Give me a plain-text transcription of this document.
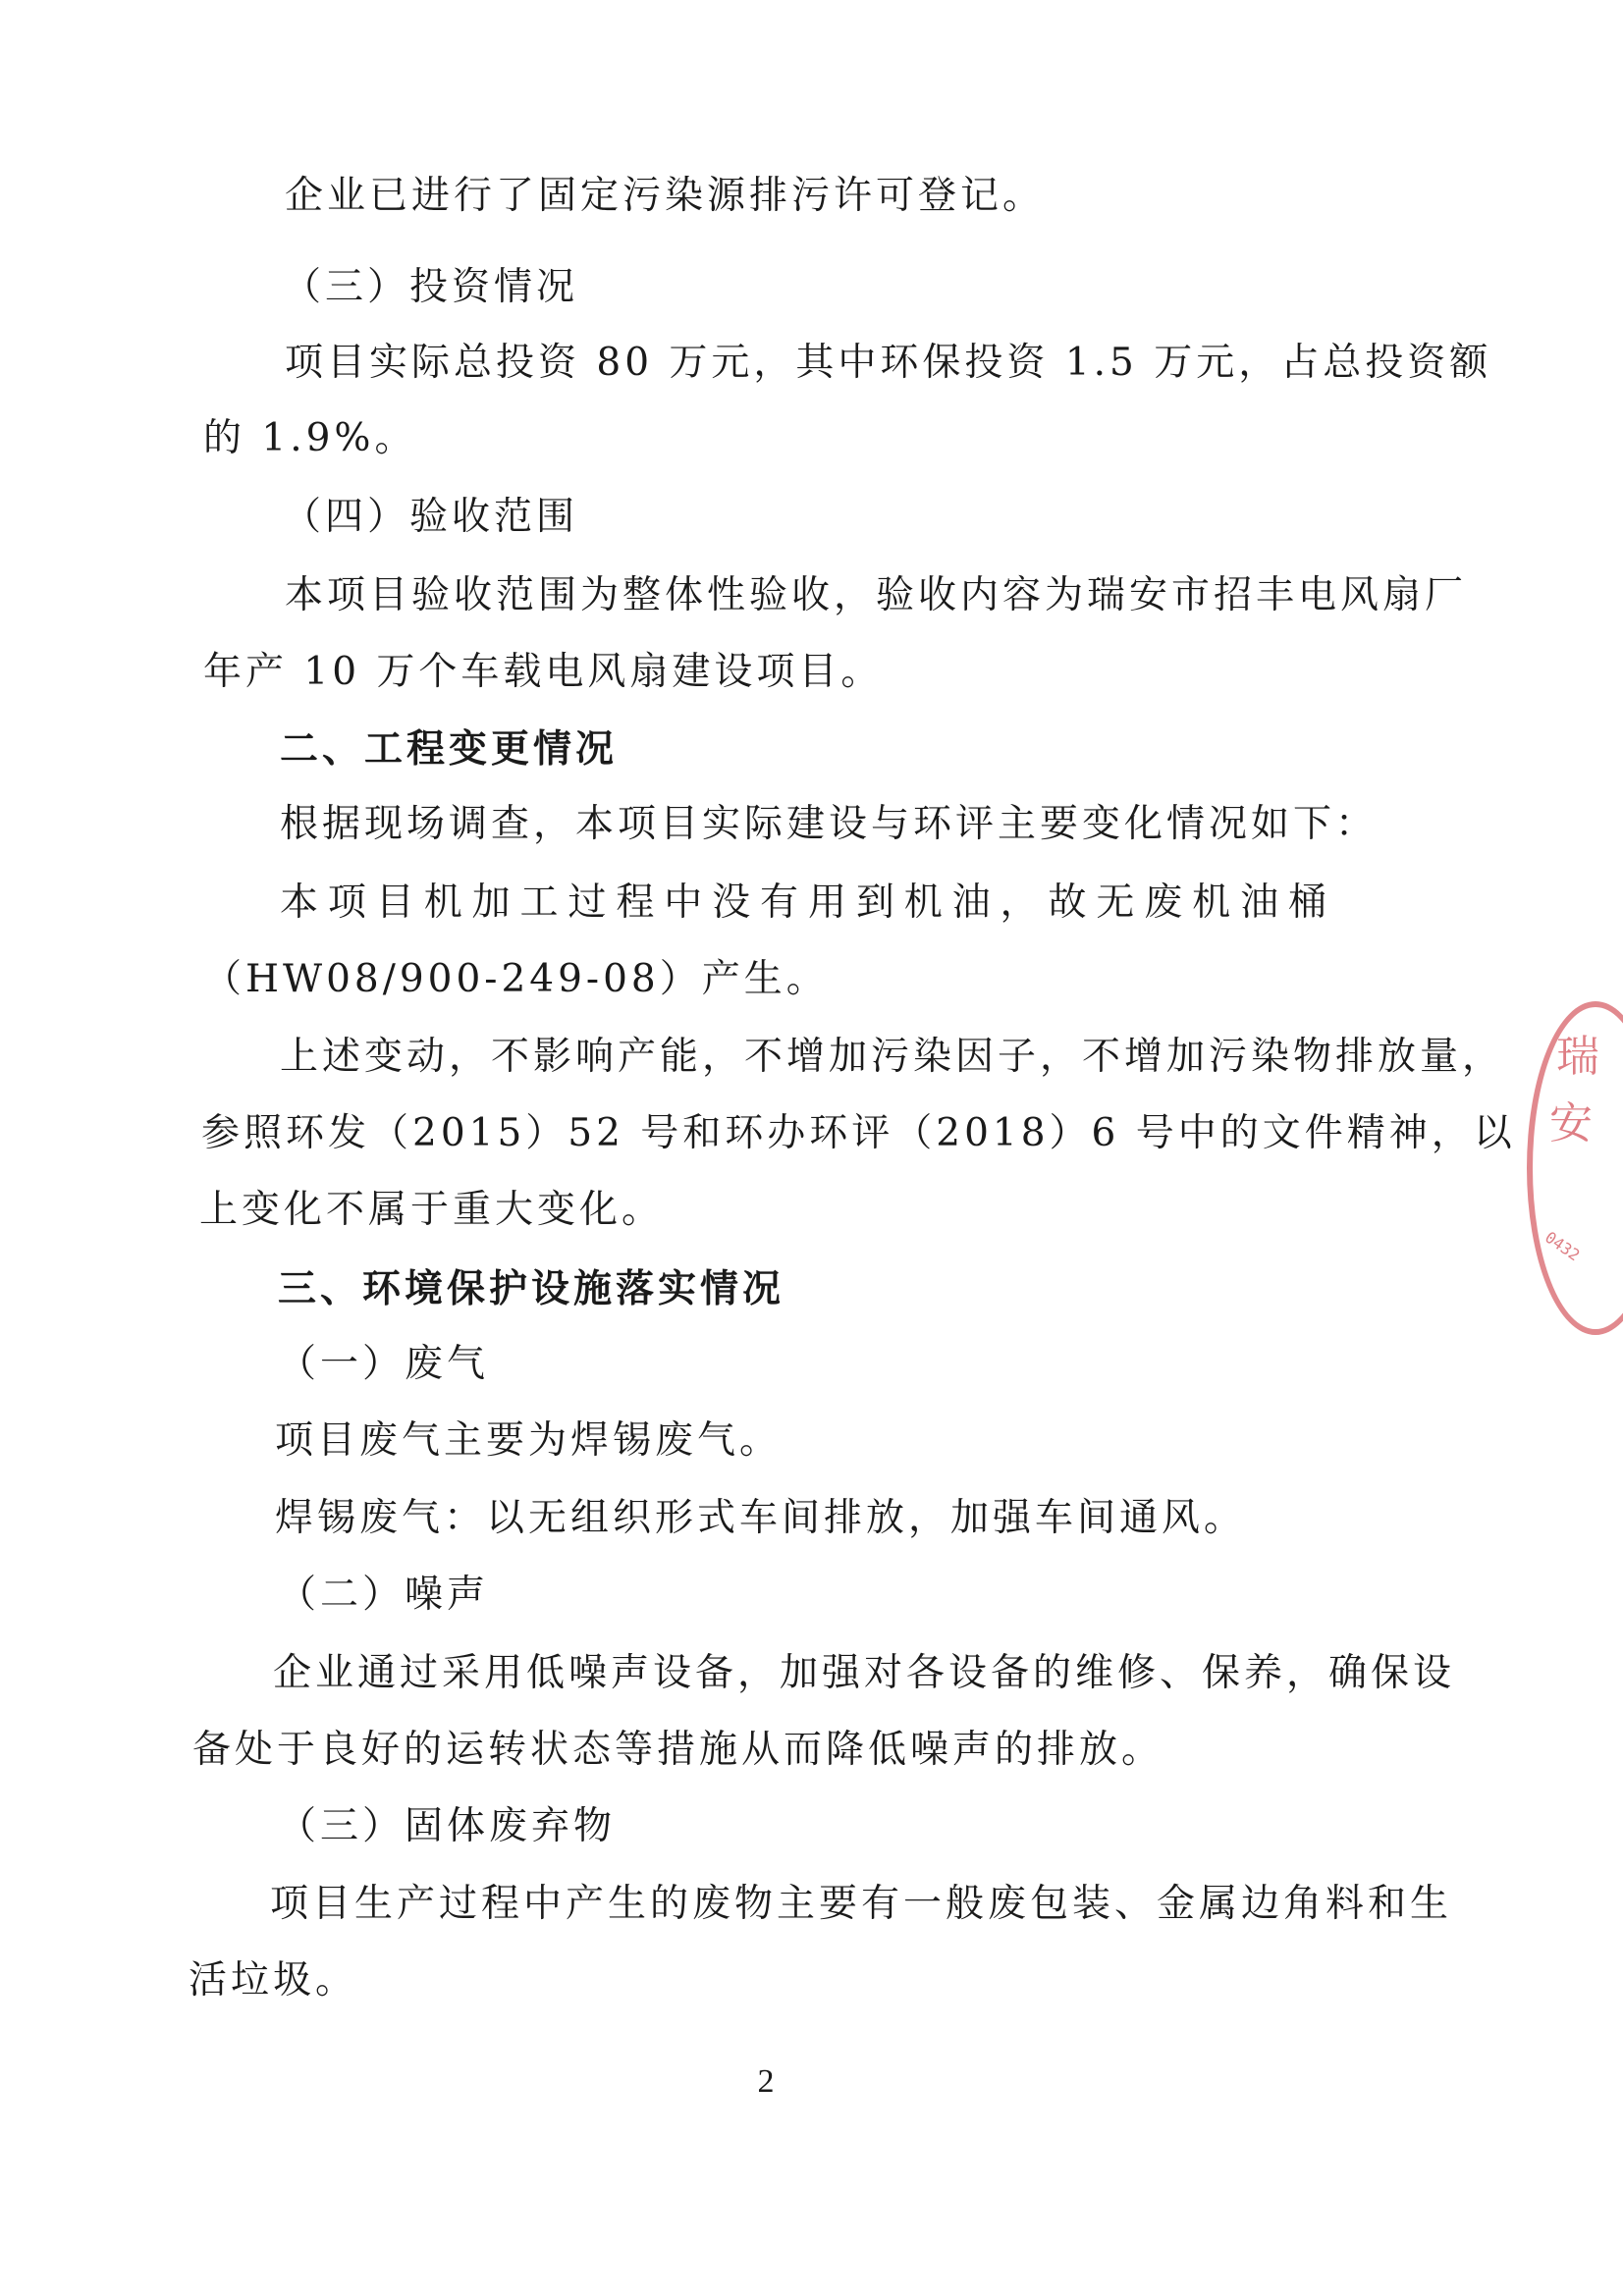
企业已进行了固定污染源排污许可登记。
（三）投资情况
项目实际总投资 80 万元，其中环保投资 1.5 万元，占总投资额
的 1.9%。
（四）验收范围
本项目验收范围为整体性验收，验收内容为瑞安市招丰电风扇厂
年产 10 万个车载电风扇建设项目。
二、工程变更情况
根据现场调查，本项目实际建设与环评主要变化情况如下：
本项目机加工过程中没有用到机油，故无废机油桶
（HW08/900-249-08）产生。
上述变动，不影响产能，不增加污染因子，不增加污染物排放量，
参照环发（2015）52 号和环办环评（2018）6 号中的文件精神，以
上变化不属于重大变化。
三、环境保护设施落实情况
（一）废气
项目废气主要为焊锡废气。
焊锡废气：以无组织形式车间排放，加强车间通风。
（二）噪声
企业通过采用低噪声设备，加强对各设备的维修、保养，确保设
备处于良好的运转状态等措施从而降低噪声的排放。
（三）固体废弃物
项目生产过程中产生的废物主要有一般废包装、金属边角料和生
活垃圾。
2
瑞
安
0432
